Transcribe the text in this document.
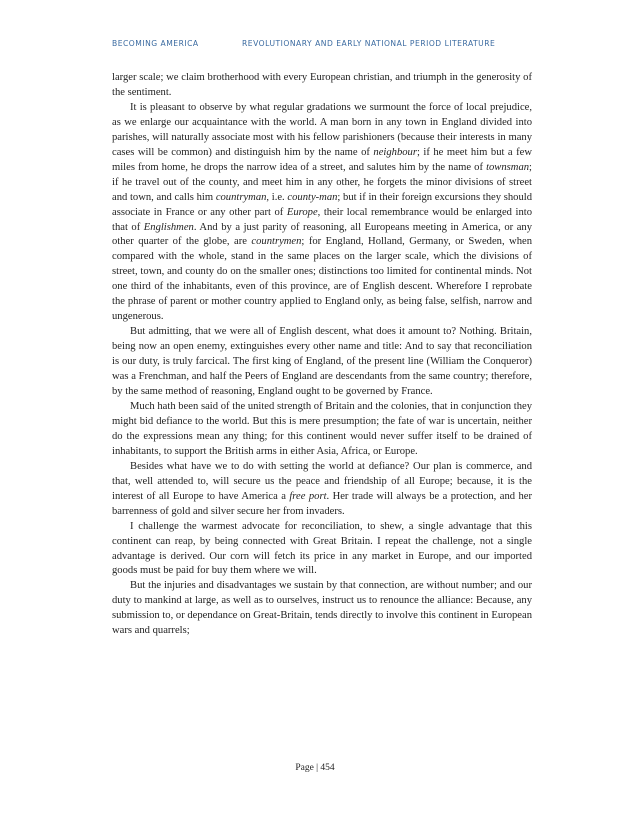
BECOMING AMERICA	REVOLUTIONARY AND EARLY NATIONAL PERIOD LITERATURE

larger scale; we claim brotherhood with every European christian, and triumph in the generosity of the sentiment.

It is pleasant to observe by what regular gradations we surmount the force of local prejudice, as we enlarge our acquaintance with the world. A man born in any town in England divided into parishes, will naturally associate most with his fellow parishioners (because their interests in many cases will be common) and distinguish him by the name of neighbour; if he meet him but a few miles from home, he drops the narrow idea of a street, and salutes him by the name of townsman; if he travel out of the county, and meet him in any other, he forgets the minor divisions of street and town, and calls him countryman, i.e. county-man; but if in their foreign excursions they should associate in France or any other part of Europe, their local remembrance would be enlarged into that of Englishmen. And by a just parity of reasoning, all Europeans meeting in America, or any other quarter of the globe, are countrymen; for England, Holland, Germany, or Sweden, when compared with the whole, stand in the same places on the larger scale, which the divisions of street, town, and county do on the smaller ones; distinctions too limited for continental minds. Not one third of the inhabitants, even of this province, are of English descent. Wherefore I reprobate the phrase of parent or mother country applied to England only, as being false, selfish, narrow and ungenerous.

But admitting, that we were all of English descent, what does it amount to? Nothing. Britain, being now an open enemy, extinguishes every other name and title: And to say that reconciliation is our duty, is truly farcical. The first king of England, of the present line (William the Conqueror) was a Frenchman, and half the Peers of England are descendants from the same country; therefore, by the same method of reasoning, England ought to be governed by France.

Much hath been said of the united strength of Britain and the colonies, that in conjunction they might bid defiance to the world. But this is mere presumption; the fate of war is uncertain, neither do the expressions mean any thing; for this continent would never suffer itself to be drained of inhabitants, to support the British arms in either Asia, Africa, or Europe.

Besides what have we to do with setting the world at defiance? Our plan is commerce, and that, well attended to, will secure us the peace and friendship of all Europe; because, it is the interest of all Europe to have America a free port. Her trade will always be a protection, and her barrenness of gold and silver secure her from invaders.

I challenge the warmest advocate for reconciliation, to shew, a single advantage that this continent can reap, by being connected with Great Britain. I repeat the challenge, not a single advantage is derived. Our corn will fetch its price in any market in Europe, and our imported goods must be paid for buy them where we will.

But the injuries and disadvantages we sustain by that connection, are without number; and our duty to mankind at large, as well as to ourselves, instruct us to renounce the alliance: Because, any submission to, or dependance on Great-Britain, tends directly to involve this continent in European wars and quarrels;

Page | 454
